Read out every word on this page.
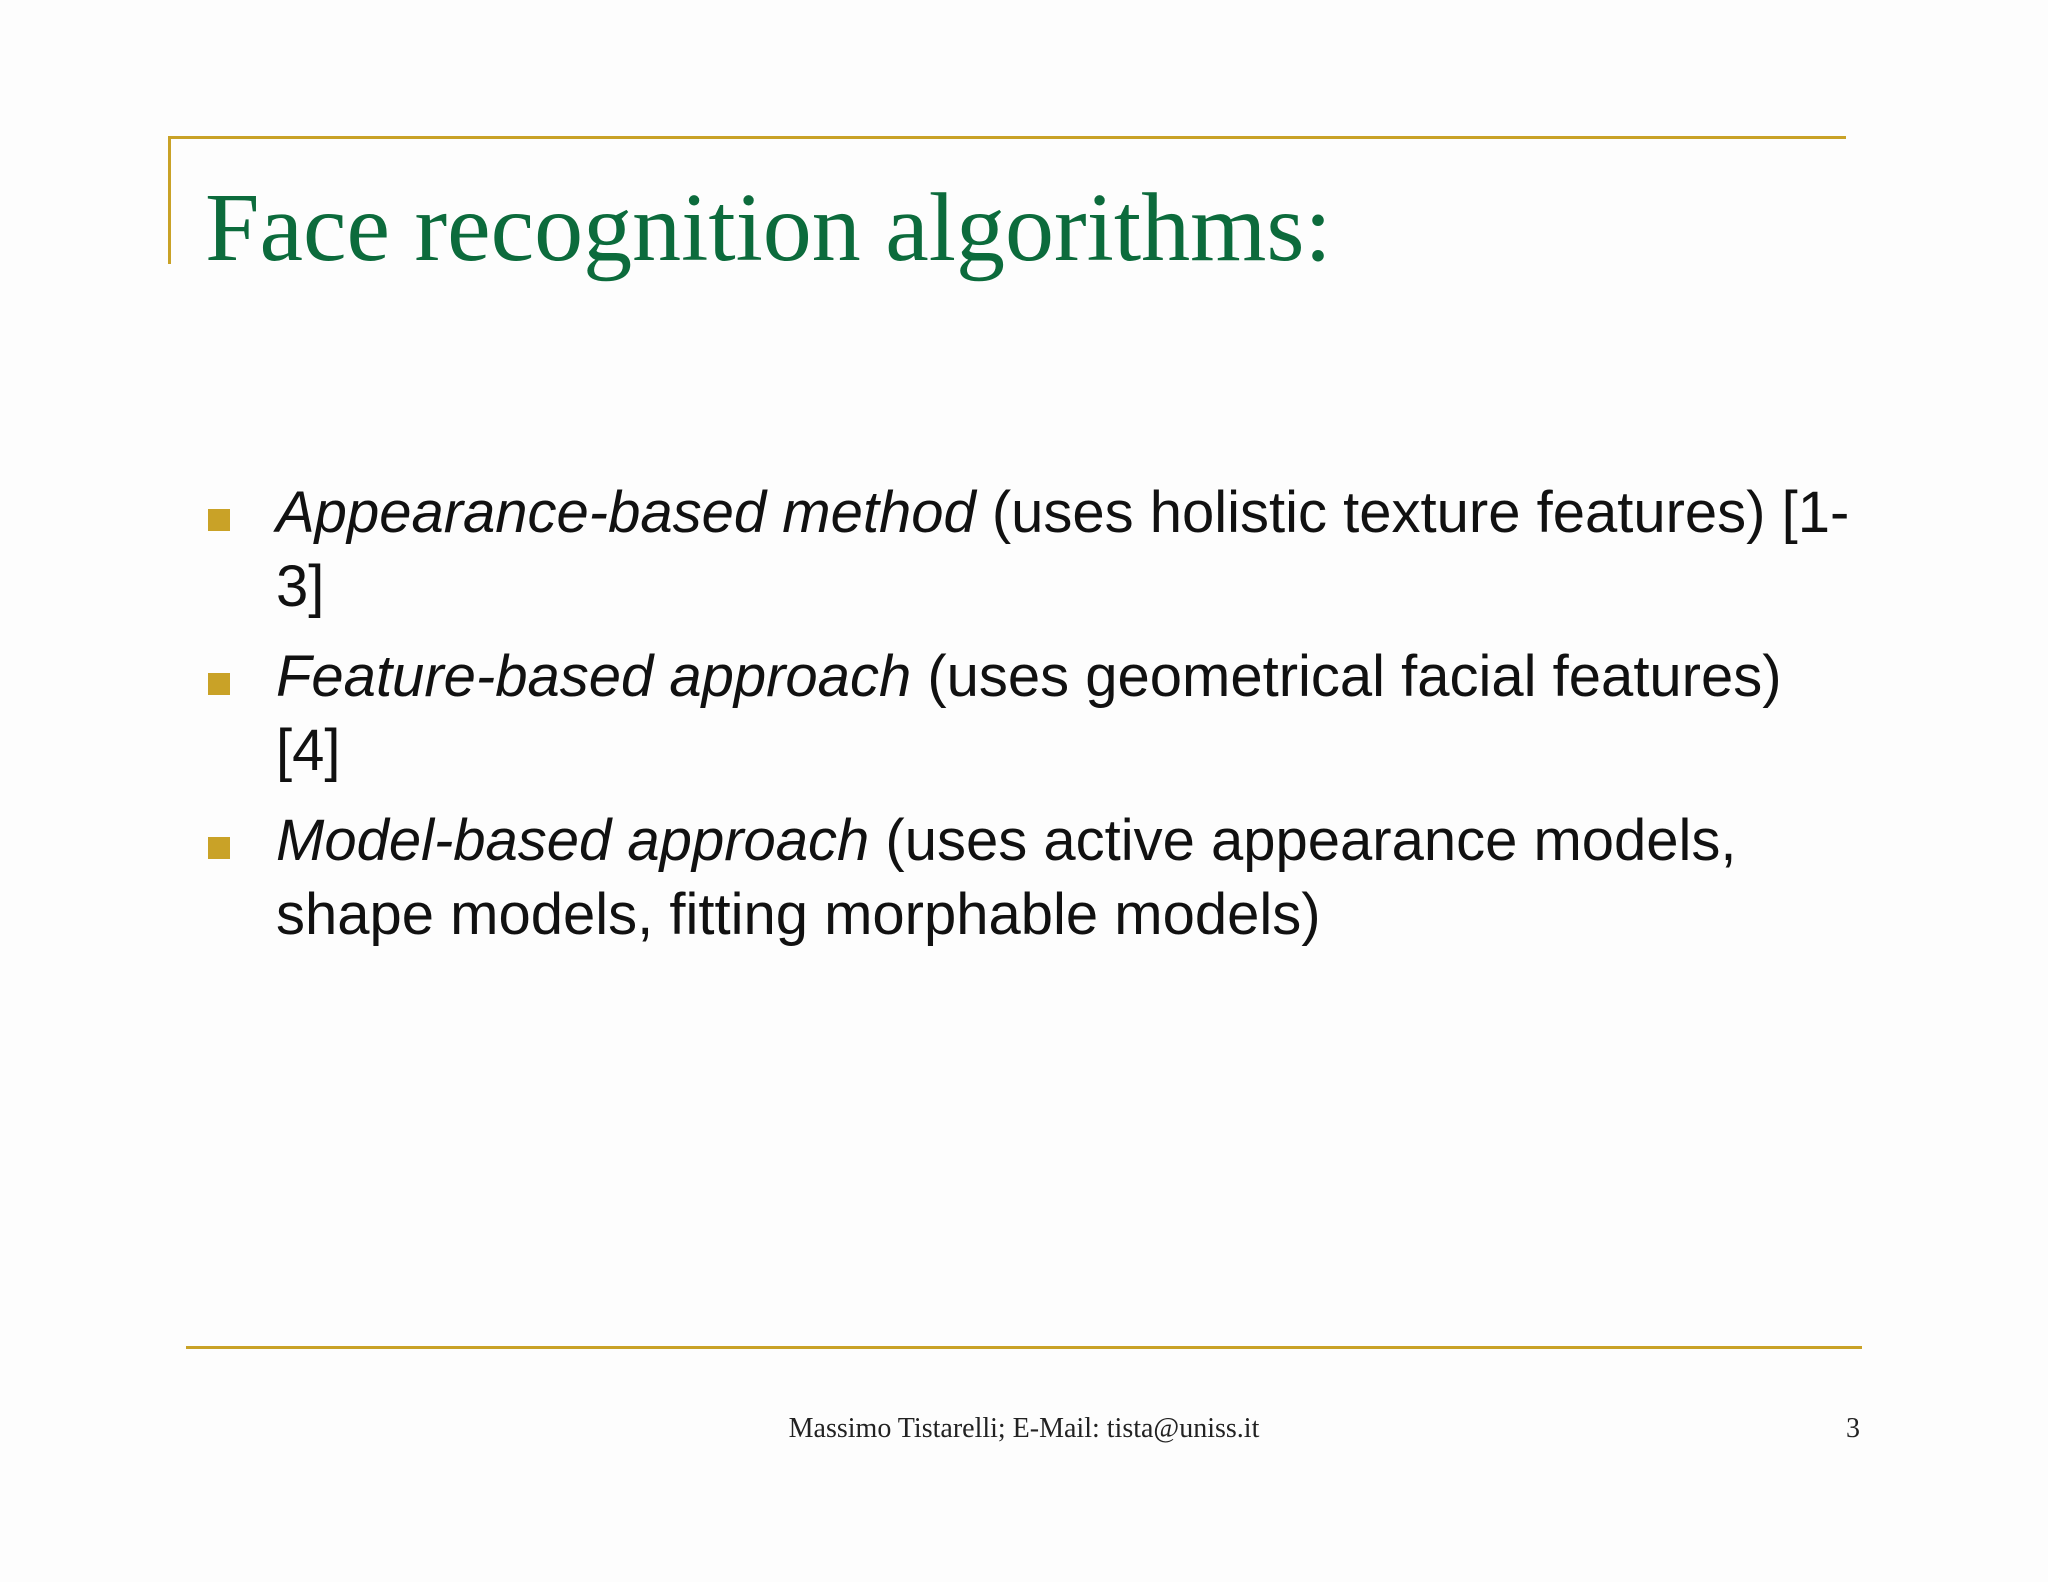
Face recognition algorithms:
Appearance-based method (uses holistic texture features) [1-3]
Feature-based approach (uses geometrical facial features) [4]
Model-based approach (uses active appearance models, shape models, fitting morphable models)
Massimo Tistarelli; E-Mail: tista@uniss.it	3
